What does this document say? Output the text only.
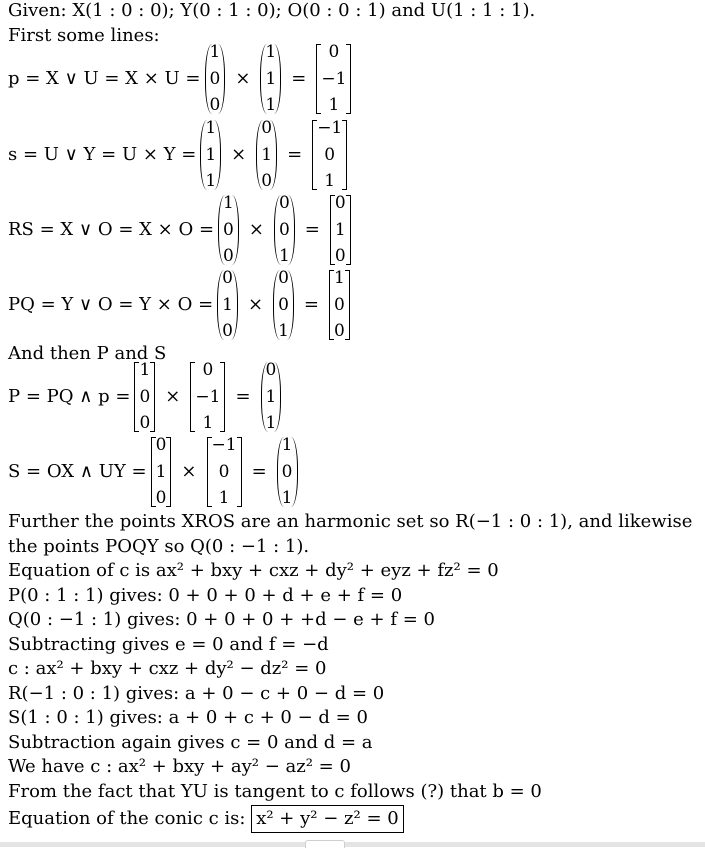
Given: X(1 : 0 : 0); Y(0 : 1 : 0); O(0 : 0 : 1) and U(1 : 1 : 1).
First some lines:
p = X ∨ U = X × U =
1
0
0
×
1
1
1
=
0
−1
1
s = U ∨ Y = U × Y =
1
1
1
×
0
1
0
=
−1
0
1
RS = X ∨ O = X × O =
1
0
0
×
0
0
1
=
0
1
0
PQ = Y ∨ O = Y × O =
0
1
0
×
0
0
1
=
1
0
0
And then P and S
P = PQ ∧ p =
1
0
0
×
0
−1
1
=
0
1
1
S = OX ∧ UY =
0
1
0
×
−1
0
1
=
1
0
1
Further the points XROS are an harmonic set so R(−1 : 0 : 1), and likewise
the points POQY so Q(0 : −1 : 1).
Equation of c is ax² + bxy + cxz + dy² + eyz + fz² = 0
P(0 : 1 : 1) gives: 0 + 0 + 0 + d + e + f = 0
Q(0 : −1 : 1) gives: 0 + 0 + 0 + +d − e + f = 0
Subtracting gives e = 0 and f = −d
c : ax² + bxy + cxz + dy² − dz² = 0
R(−1 : 0 : 1) gives: a + 0 − c + 0 − d = 0
S(1 : 0 : 1) gives: a + 0 + c + 0 − d = 0
Subtraction again gives c = 0 and d = a
We have c : ax² + bxy + ay² − az² = 0
From the fact that YU is tangent to c follows (?) that b = 0
Equation of the conic c is: x² + y² − z² = 0
